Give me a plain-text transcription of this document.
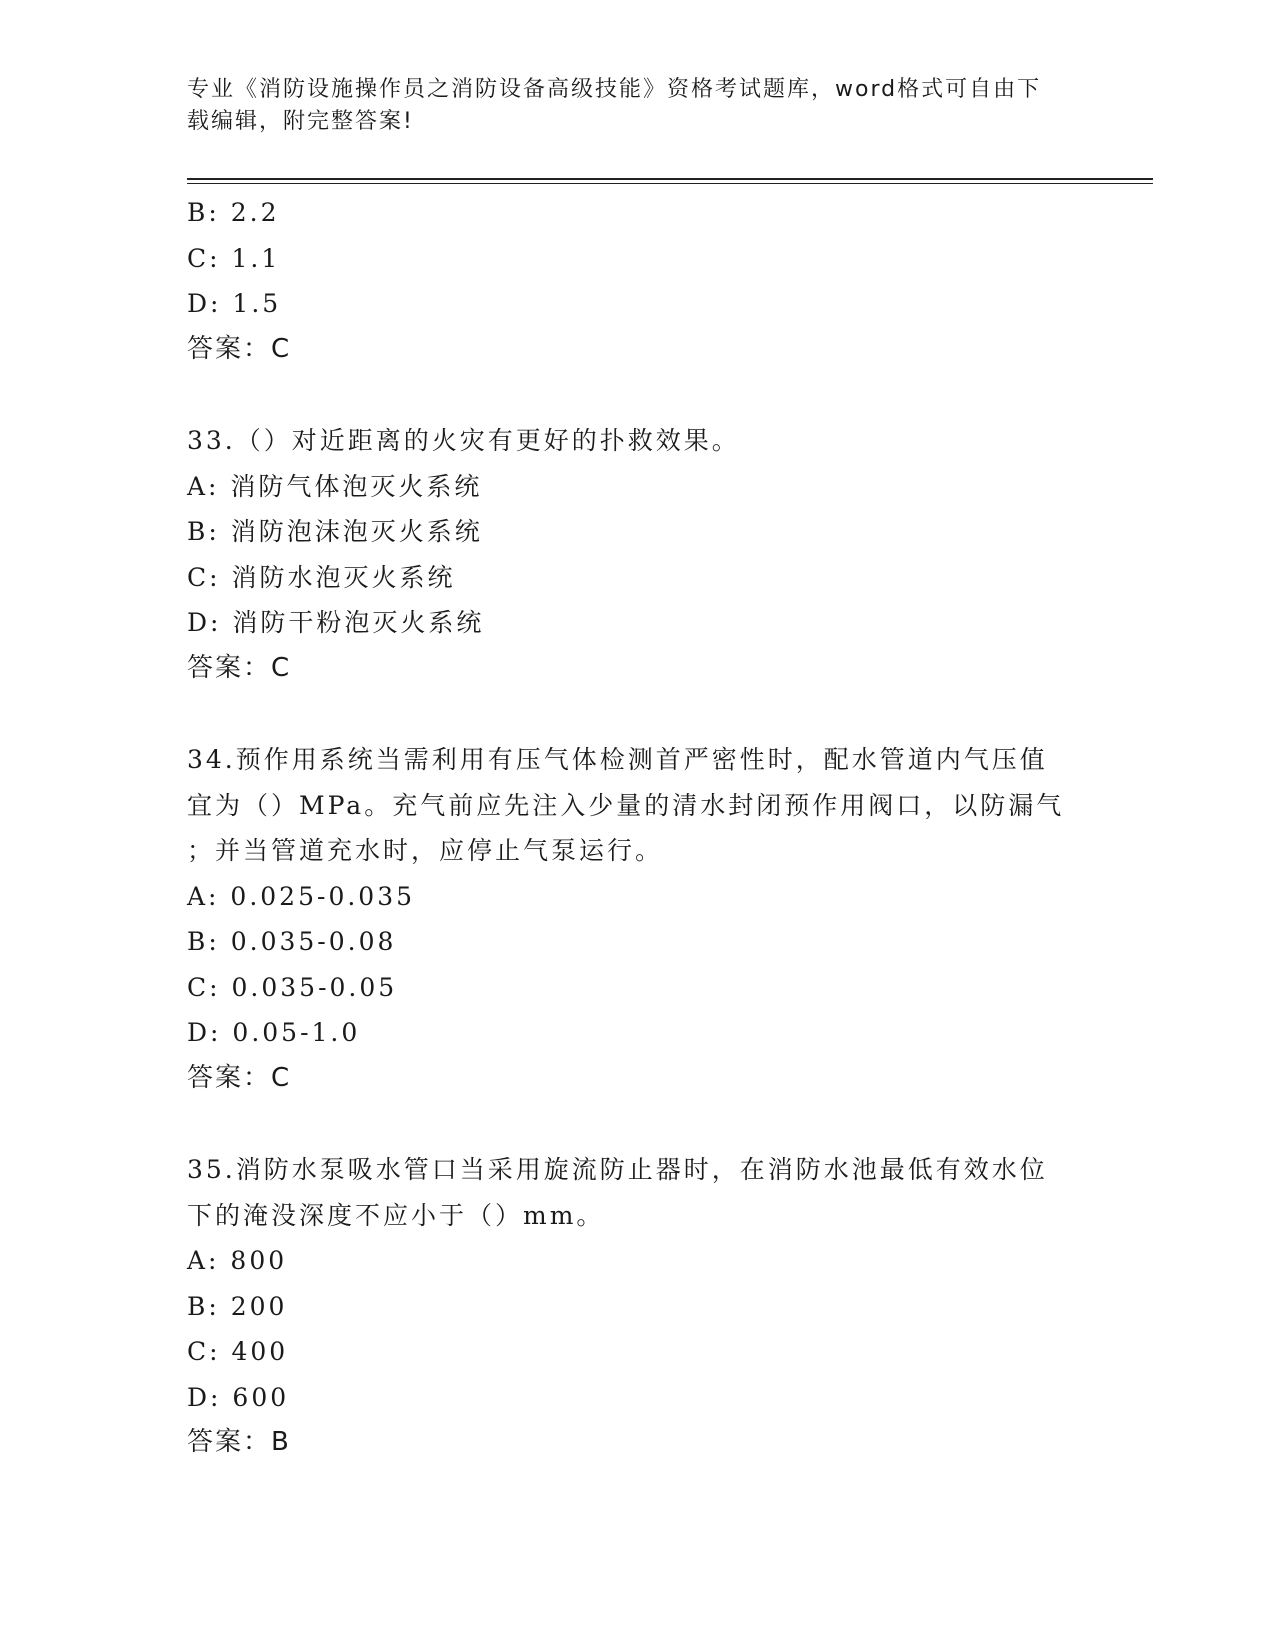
专业《消防设施操作员之消防设备高级技能》资格考试题库，word格式可自由下
载编辑，附完整答案!
B: 2.2
C: 1.1
D: 1.5
答案：C
33.（）对近距离的火灾有更好的扑救效果。
A: 消防气体泡灭火系统
B: 消防泡沫泡灭火系统
C: 消防水泡灭火系统
D: 消防干粉泡灭火系统
答案：C
34.预作用系统当需利用有压气体检测首严密性时，配水管道内气压值
宜为（）MPa。充气前应先注入少量的清水封闭预作用阀口，以防漏气
；并当管道充水时，应停止气泵运行。
A: 0.025-0.035
B: 0.035-0.08
C: 0.035-0.05
D: 0.05-1.0
答案：C
35.消防水泵吸水管口当采用旋流防止器时，在消防水池最低有效水位
下的淹没深度不应小于（）mm。
A: 800
B: 200
C: 400
D: 600
答案：B
